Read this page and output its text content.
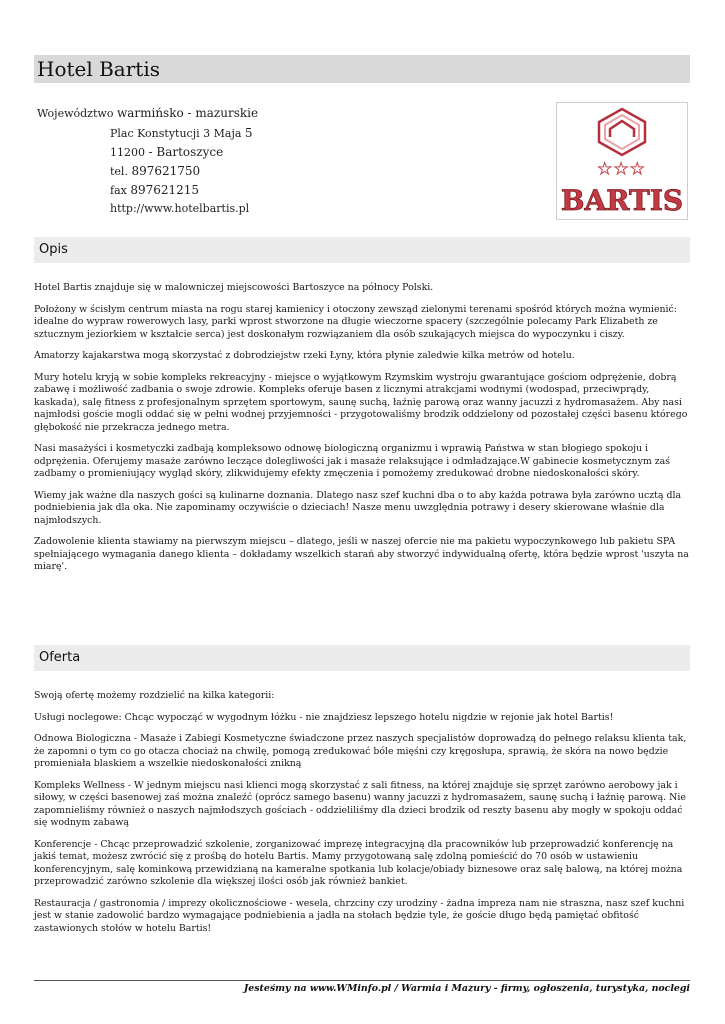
Hotel Bartis
Województwo warmińsko - mazurskie
Plac Konstytucji 3 Maja 5
11200 - Bartoszyce
tel. 897621750
fax 897621215
http://www.hotelbartis.pl
★★★
BARTIS
Opis

Hotel Bartis znajduje się w malowniczej miejscowości Bartoszyce na północy Polski.

Położony w ścisłym centrum miasta na rogu starej kamienicy i otoczony zewsząd zielonymi terenami spośród których można wymienić: idealne do wypraw rowerowych lasy, parki wprost stworzone na długie wieczorne spacery (szczególnie polecamy Park Elizabeth ze sztucznym jeziorkiem w kształcie serca) jest doskonałym rozwiązaniem dla osób szukających miejsca do wypoczynku i ciszy.

Amatorzy kajakarstwa mogą skorzystać z dobrodziejstw rzeki Łyny, która płynie zaledwie kilka metrów od hotelu.

Mury hotelu kryją w sobie kompleks rekreacyjny - miejsce o wyjątkowym Rzymskim wystroju gwarantujące gościom odprężenie, dobrą zabawę i możliwość zadbania o swoje zdrowie. Kompleks oferuje basen z licznymi atrakcjami wodnymi (wodospad, przeciwprądy, kaskada), salę fitness z profesjonalnym sprzętem sportowym, saunę suchą, łaźnię parową oraz wanny jacuzzi z hydromasażem. Aby nasi najmłodsi goście mogli oddać się w pełni wodnej przyjemności - przygotowaliśmy brodzik oddzielony od pozostałej części basenu którego głębokość nie przekracza jednego metra.

Nasi masażyści i kosmetyczki zadbają kompleksowo odnowę biologiczną organizmu i wprawią Państwa w stan błogiego spokoju i odprężenia. Oferujemy masaże zarówno leczące dolegliwości jak i masaże relaksujące i odmładzające.W gabinecie kosmetycznym zaś zadbamy o promieniujący wygląd skóry, zlikwidujemy efekty zmęczenia i pomożemy zredukować drobne niedoskonałości skóry.

Wiemy jak ważne dla naszych gości są kulinarne doznania. Dlatego nasz szef kuchni dba o to aby każda potrawa była zarówno ucztą dla podniebienia jak dla oka. Nie zapominamy oczywiście o dzieciach! Nasze menu uwzględnia potrawy i desery skierowane właśnie dla najmłodszych.

Zadowolenie klienta stawiamy na pierwszym miejscu – dlatego, jeśli w naszej ofercie nie ma pakietu wypoczynkowego lub pakietu SPA spełniającego wymagania danego klienta – dokładamy wszelkich starań aby stworzyć indywidualną ofertę, która będzie wprost 'uszyta na miarę'.

Oferta

Swoją ofertę możemy rozdzielić na kilka kategorii:

Usługi noclegowe: Chcąc wypocząć w wygodnym łóżku - nie znajdziesz lepszego hotelu nigdzie w rejonie jak hotel Bartis!

Odnowa Biologiczna - Masaże i Zabiegi Kosmetyczne świadczone przez naszych specjalistów doprowadzą do pełnego relaksu klienta tak, że zapomni o tym co go otacza chociaż na chwilę, pomogą zredukować bóle mięśni czy kręgosłupa, sprawią, że skóra na nowo będzie promieniała blaskiem a wszelkie niedoskonałości znikną

Kompleks Wellness - W jednym miejscu nasi klienci mogą skorzystać z sali fitness, na której znajduje się sprzęt zarówno aerobowy jak i siłowy, w części basenowej zaś można znaleźć (oprócz samego basenu) wanny jacuzzi z hydromasażem, saunę suchą i łaźnię parową. Nie zapomnieliśmy również o naszych najmłodszych gościach - oddzieliliśmy dla dzieci brodzik od reszty basenu aby mogły w spokoju oddać się wodnym zabawą

Konferencje - Chcąc przeprowadzić szkolenie, zorganizować imprezę integracyjną dla pracowników lub przeprowadzić konferencję na jakiś temat, możesz zwrócić się z prośbą do hotelu Bartis. Mamy przygotowaną salę zdolną pomieścić do 70 osób w ustawieniu konferencyjnym, salę kominkową przewidzianą na kameralne spotkania lub kolacje/obiady biznesowe oraz salę balową, na której można przeprowadzić zarówno szkolenie dla większej ilości osób jak również bankiet.

Restauracja / gastronomia / imprezy okolicznościowe - wesela, chrzciny czy urodziny - żadna impreza nam nie straszna, nasz szef kuchni jest w stanie zadowolić bardzo wymagające podniebienia a jadła na stołach będzie tyle, że goście długo będą pamiętać obfitość zastawionych stołów w hotelu Bartis!

Jesteśmy na www.WMinfo.pl / Warmia i Mazury - firmy, ogłoszenia, turystyka, noclegi
